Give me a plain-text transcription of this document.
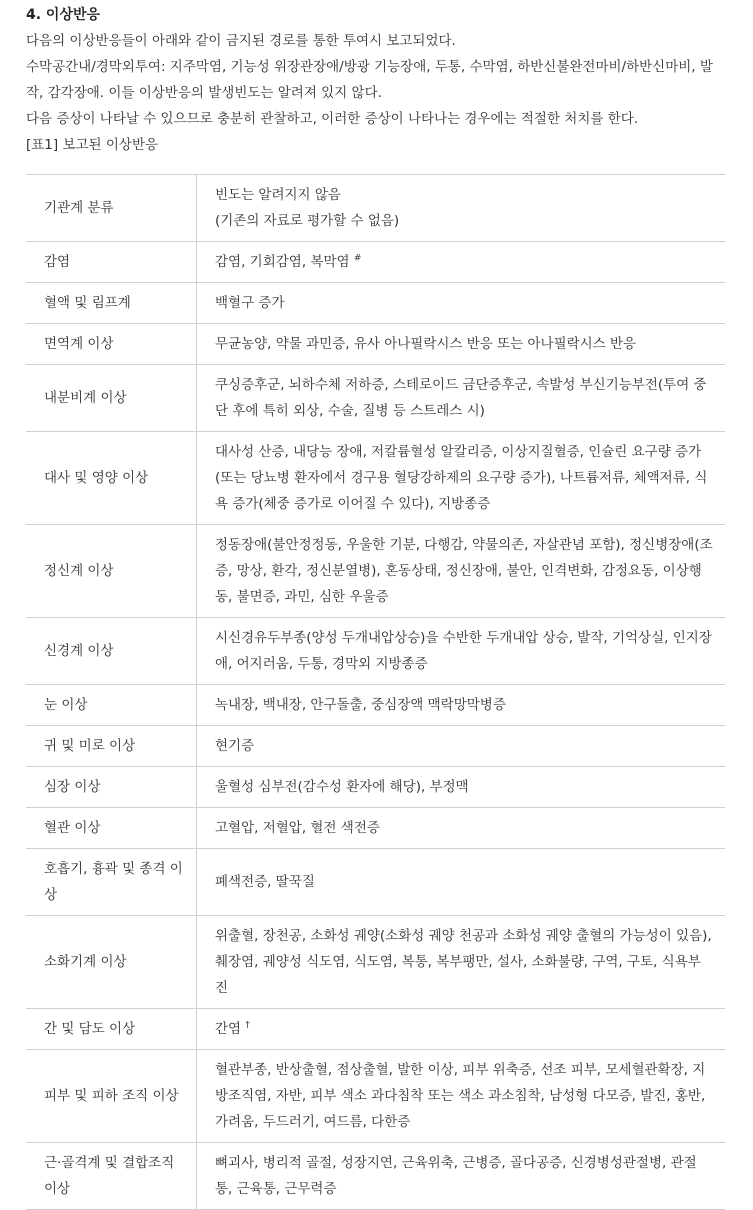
4. 이상반응

다음의 이상반응들이 아래와 같이 금지된 경로를 통한 투여시 보고되었다.

수막공간내/경막외투여: 지주막염, 기능성 위장관장애/방광 기능장애, 두통, 수막염, 하반신불완전마비/하반신마비, 발작, 감각장애. 이들 이상반응의 발생빈도는 알려져 있지 않다.

다음 증상이 나타날 수 있으므로 충분히 관찰하고, 이러한 증상이 나타나는 경우에는 적절한 처치를 한다.

[표1] 보고된 이상반응

기관계 분류	빈도는 알려지지 않음
(기존의 자료로 평가할 수 없음)
감염	감염, 기회감염, 복막염 #
혈액 및 림프계	백혈구 증가
면역계 이상	무균농양, 약물 과민증, 유사 아나필락시스 반응 또는 아나필락시스 반응
내분비계 이상	쿠싱증후군, 뇌하수체 저하증, 스테로이드 금단증후군, 속발성 부신기능부전(투여 중단 후에 특히 외상, 수술, 질병 등 스트레스 시)
대사 및 영양 이상	대사성 산증, 내당능 장애, 저칼륨혈성 알칼리증, 이상지질혈증, 인슐린 요구량 증가(또는 당뇨병 환자에서 경구용 혈당강하제의 요구량 증가), 나트륨저류, 체액저류, 식욕 증가(체중 증가로 이어질 수 있다), 지방종증
정신계 이상	정동장애(불안정정동, 우울한 기분, 다행감, 약물의존, 자살관념 포함), 정신병장애(조증, 망상, 환각, 정신분열병), 혼동상태, 정신장애, 불안, 인격변화, 감정요동, 이상행동, 불면증, 과민, 심한 우울증
신경계 이상	시신경유두부종(양성 두개내압상승)을 수반한 두개내압 상승, 발작, 기억상실, 인지장애, 어지러움, 두통, 경막외 지방종증
눈 이상	녹내장, 백내장, 안구돌출, 중심장액 맥락망막병증
귀 및 미로 이상	현기증
심장 이상	울혈성 심부전(감수성 환자에 해당), 부정맥
혈관 이상	고혈압, 저혈압, 혈전 색전증
호흡기, 흉곽 및 종격 이상	폐색전증, 딸꾹질
소화기계 이상	위출혈, 장천공, 소화성 궤양(소화성 궤양 천공과 소화성 궤양 출혈의 가능성이 있음), 췌장염, 궤양성 식도염, 식도염, 복통, 복부팽만, 설사, 소화불량, 구역, 구토, 식욕부진
간 및 담도 이상	간염 †
피부 및 피하 조직 이상	혈관부종, 반상출혈, 점상출혈, 발한 이상, 피부 위축증, 선조 피부, 모세혈관확장, 지방조직염, 자반, 피부 색소 과다침착 또는 색소 과소침착, 남성형 다모증, 발진, 홍반, 가려움, 두드러기, 여드름, 다한증
근·골격계 및 결합조직 이상	뼈괴사, 병리적 골절, 성장지연, 근육위축, 근병증, 골다공증, 신경병성관절병, 관절통, 근육통, 근무력증
